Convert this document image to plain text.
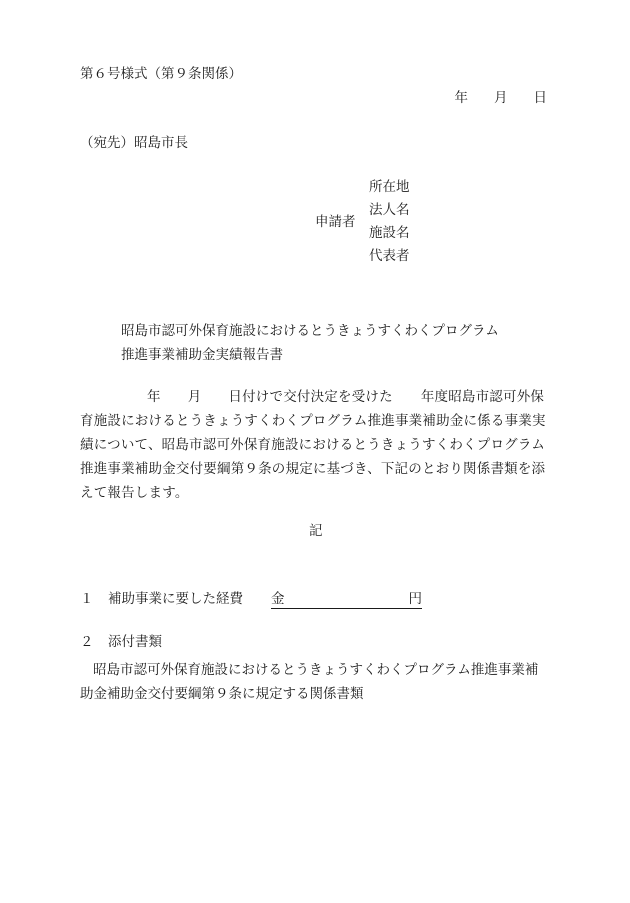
第６号様式（第９条関係）
年 月 日
（宛先）昭島市長
申請者
所在地
法人名
施設名
代表者
昭島市認可外保育施設におけるとうきょうすくわくプログラム
推進事業補助金実績報告書
年 月 日付けで交付決定を受けた 年度昭島市認可外保育施設におけるとうきょうすくわくプログラム推進事業補助金に係る事業実績について、昭島市認可外保育施設におけるとうきょうすくわくプログラム推進事業補助金交付要綱第９条の規定に基づき、下記のとおり関係書類を添えて報告します。
記
１ 補助事業に要した経費 金	円
２ 添付書類
昭島市認可外保育施設におけるとうきょうすくわくプログラム推進事業補助金補助金交付要綱第９条に規定する関係書類
